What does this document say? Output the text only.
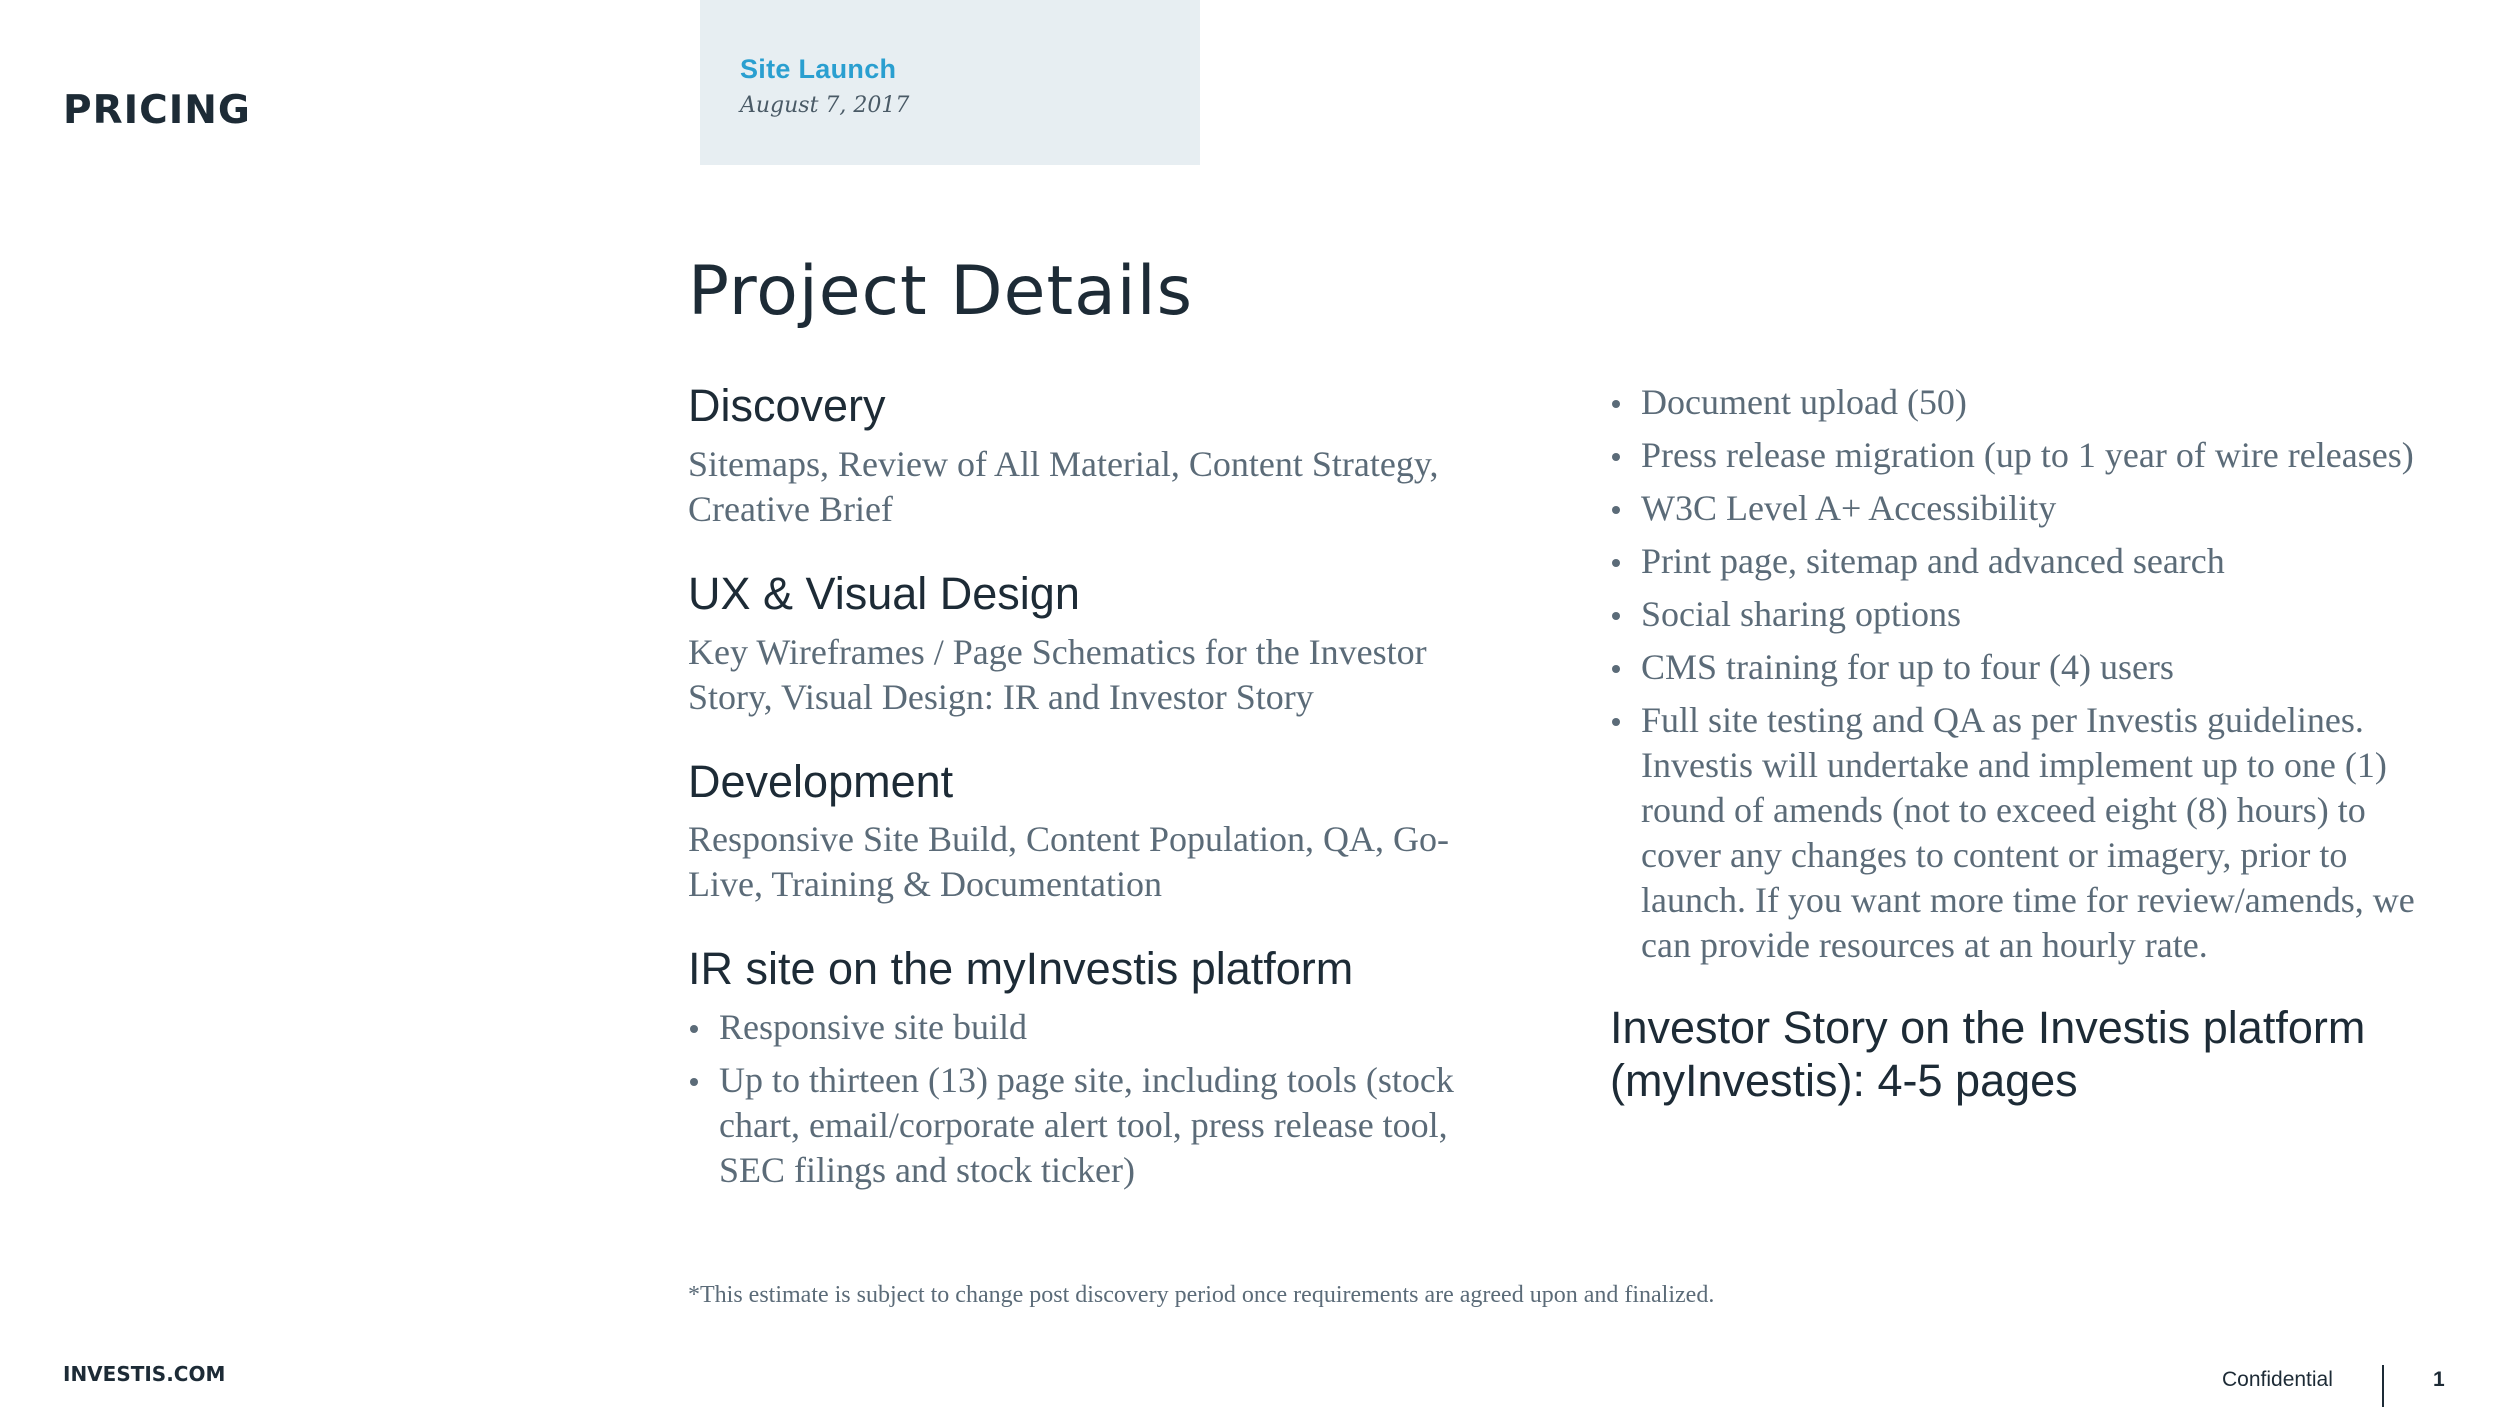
PRICING
Site Launch
August 7, 2017
Project Details
Discovery
Sitemaps, Review of All Material, Content Strategy, Creative Brief
UX & Visual Design
Key Wireframes / Page Schematics for the Investor Story, Visual Design: IR and Investor Story
Development
Responsive Site Build, Content Population, QA, Go-Live, Training & Documentation
IR site on the myInvestis platform
Responsive site build
Up to thirteen (13) page site, including tools (stock chart, email/corporate alert tool, press release tool, SEC filings and stock ticker)
Document upload (50)
Press release migration (up to 1 year of wire releases)
W3C Level A+ Accessibility
Print page, sitemap and advanced search
Social sharing options
CMS training for up to four (4) users
Full site testing and QA as per Investis guidelines. Investis will undertake and implement up to one (1) round of amends (not to exceed eight (8) hours) to cover any changes to content or imagery, prior to launch. If you want more time for review/amends, we can provide resources at an hourly rate.
Investor Story on the Investis platform (myInvestis): 4-5 pages
*This estimate is subject to change post discovery period once requirements are agreed upon and finalized.
INVESTIS.COM	Confidential	1
